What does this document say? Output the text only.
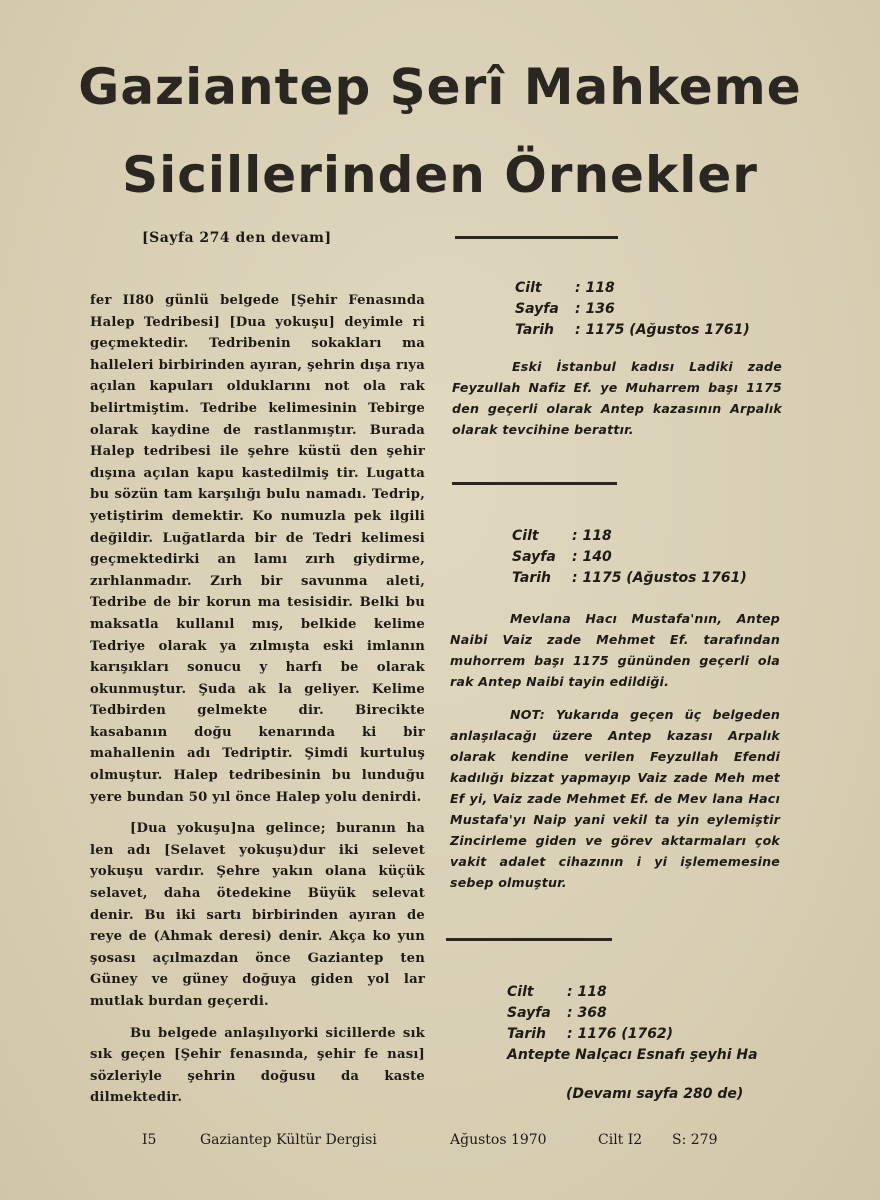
Gaziantep Şerî Mahkeme
Sicillerinden Örnekler
[Sayfa 274 den devam]

fer II80 günlü belgede [Şehir Fenasında Halep Tedribesi] [Dua yokuşu] deyimle ri geçmektedir. Tedribenin sokakları ma halleleri birbirinden ayıran, şehrin dışa rıya açılan kapuları olduklarını not ola rak belirtmiştim. Tedribe kelimesinin Tebirge olarak kaydine de rastlanmıştır. Burada Halep tedribesi ile şehre küstü den şehir dışına açılan kapu kastedilmiş tir. Lugatta bu sözün tam karşılığı bulu namadı. Tedrip, yetiştirim demektir. Ko numuzla pek ilgili değildir. Luğatlarda bir de Tedri kelimesi geçmektedirki an lamı zırh giydirme, zırhlanmadır. Zırh bir savunma aleti, Tedribe de bir korun ma tesisidir. Belki bu maksatla kullanıl mış, belkide kelime Tedriye olarak ya zılmışta eski imlanın karışıkları sonucu y harfı be olarak okunmuştur. Şuda ak la geliyer. Kelime Tedbirden gelmekte dir. Birecikte kasabanın doğu kenarında ki bir mahallenin adı Tedriptir. Şimdi kurtuluş olmuştur. Halep tedribesinin bu lunduğu yere bundan 50 yıl önce Halep yolu denirdi.

[Dua yokuşu]na gelince; buranın ha len adı [Selavet yokuşu)dur iki selevet yokuşu vardır. Şehre yakın olana küçük selavet, daha ötedekine Büyük selevat denir. Bu iki sartı birbirinden ayıran de reye de (Ahmak deresi) denir. Akça ko yun şosası açılmazdan önce Gaziantep ten Güney ve güney doğuya giden yol lar mutlak burdan geçerdi.

Bu belgede anlaşılıyorki sicillerde sık sık geçen [Şehir fenasında, şehir fe nası] sözleriyle şehrin doğusu da kaste dilmektedir.

Cilt : 118
Sayfa : 136
Tarih : 1175 (Ağustos 1761)

Eski İstanbul kadısı Ladiki zade Feyzullah Nafiz Ef. ye Muharrem başı 1175 den geçerli olarak Antep kazasının Arpalık olarak tevcihine berattır.

Cilt : 118
Sayfa : 140
Tarih : 1175 (Ağustos 1761)

Mevlana Hacı Mustafa'nın, Antep Naibi Vaiz zade Mehmet Ef. tarafından muhorrem başı 1175 gününden geçerli ola rak Antep Naibi tayin edildiği.

NOT: Yukarıda geçen üç belgeden anlaşılacağı üzere Antep kazası Arpalık olarak kendine verilen Feyzullah Efendi kadılığı bizzat yapmayıp Vaiz zade Meh met Ef yi, Vaiz zade Mehmet Ef. de Mev lana Hacı Mustafa'yı Naip yani vekil ta yin eylemiştir Zincirleme giden ve görev aktarmaları çok vakit adalet cihazının i yi işlememesine sebep olmuştur.

Cilt : 118
Sayfa : 368
Tarih : 1176 (1762)
Antepte Nalçacı Esnafı şeyhi Ha
(Devamı sayfa 280 de)
I5	Gaziantep Kültür Dergisi	Ağustos 1970	Cilt I2 S: 279
